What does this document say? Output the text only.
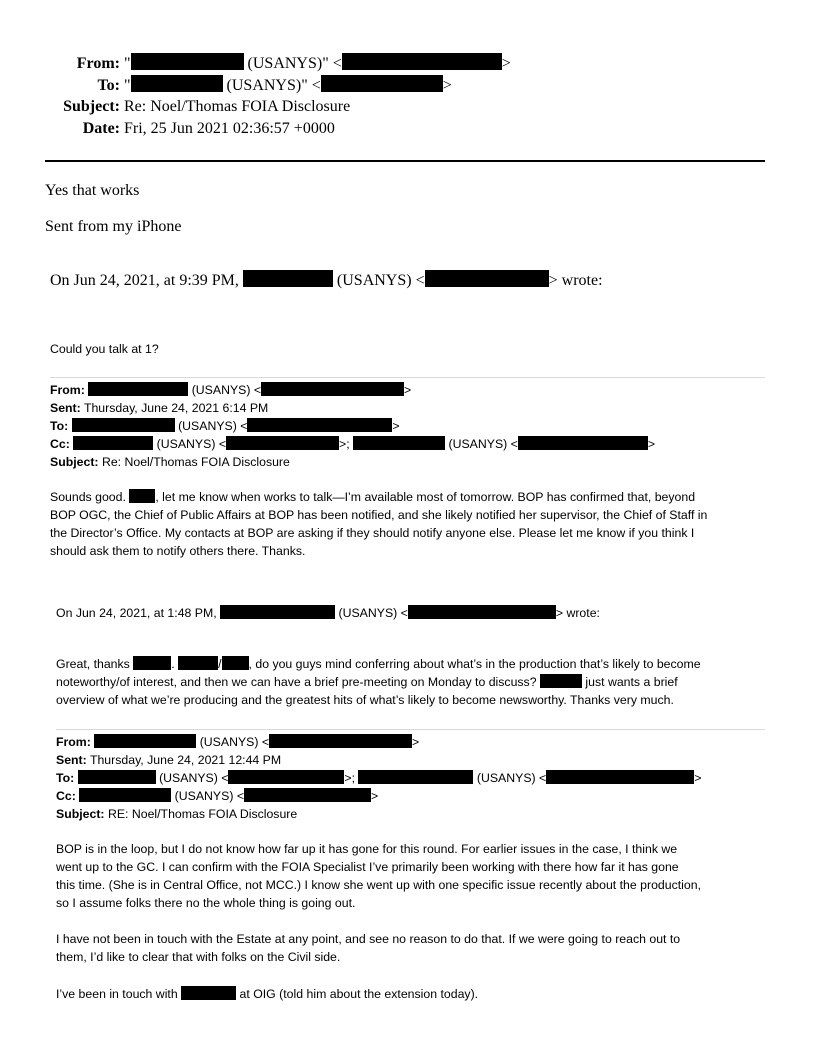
From: "	(USANYS)" <	>
To: "	(USANYS)" <	>
Subject: Re: Noel/Thomas FOIA Disclosure
Date: Fri, 25 Jun 2021 02:36:57 +0000
Yes that works
Sent from my iPhone
On Jun 24, 2021, at 9:39 PM,	(USANYS) <	> wrote:
Could you talk at 1?
From:	(USANYS) <	>
Sent: Thursday, June 24, 2021 6:14 PM
To:	(USANYS) <	>
Cc:	(USANYS) <	>;	(USANYS) <	>
Subject: Re: Noel/Thomas FOIA Disclosure
Sounds good. , let me know when works to talk—I’m available most of tomorrow. BOP has confirmed that, beyond
BOP OGC, the Chief of Public Affairs at BOP has been notified, and she likely notified her supervisor, the Chief of Staff in
the Director’s Office. My contacts at BOP are asking if they should notify anyone else. Please let me know if you think I
should ask them to notify others there. Thanks.
On Jun 24, 2021, at 1:48 PM,	(USANYS) <	> wrote:
Great, thanks	.	/ , do you guys mind conferring about what’s in the production that’s likely to become
noteworthy/of interest, and then we can have a brief pre-meeting on Monday to discuss?	just wants a brief
overview of what we’re producing and the greatest hits of what’s likely to become newsworthy. Thanks very much.
From:	(USANYS) <	>
Sent: Thursday, June 24, 2021 12:44 PM
To:	(USANYS) <	>;	(USANYS) <	>
Cc:	(USANYS) <	>
Subject: RE: Noel/Thomas FOIA Disclosure
BOP is in the loop, but I do not know how far up it has gone for this round. For earlier issues in the case, I think we
went up to the GC. I can confirm with the FOIA Specialist I’ve primarily been working with there how far it has gone
this time. (She is in Central Office, not MCC.) I know she went up with one specific issue recently about the production,
so I assume folks there no the whole thing is going out.
I have not been in touch with the Estate at any point, and see no reason to do that. If we were going to reach out to
them, I’d like to clear that with folks on the Civil side.
I’ve been in touch with	at OIG (told him about the extension today).
